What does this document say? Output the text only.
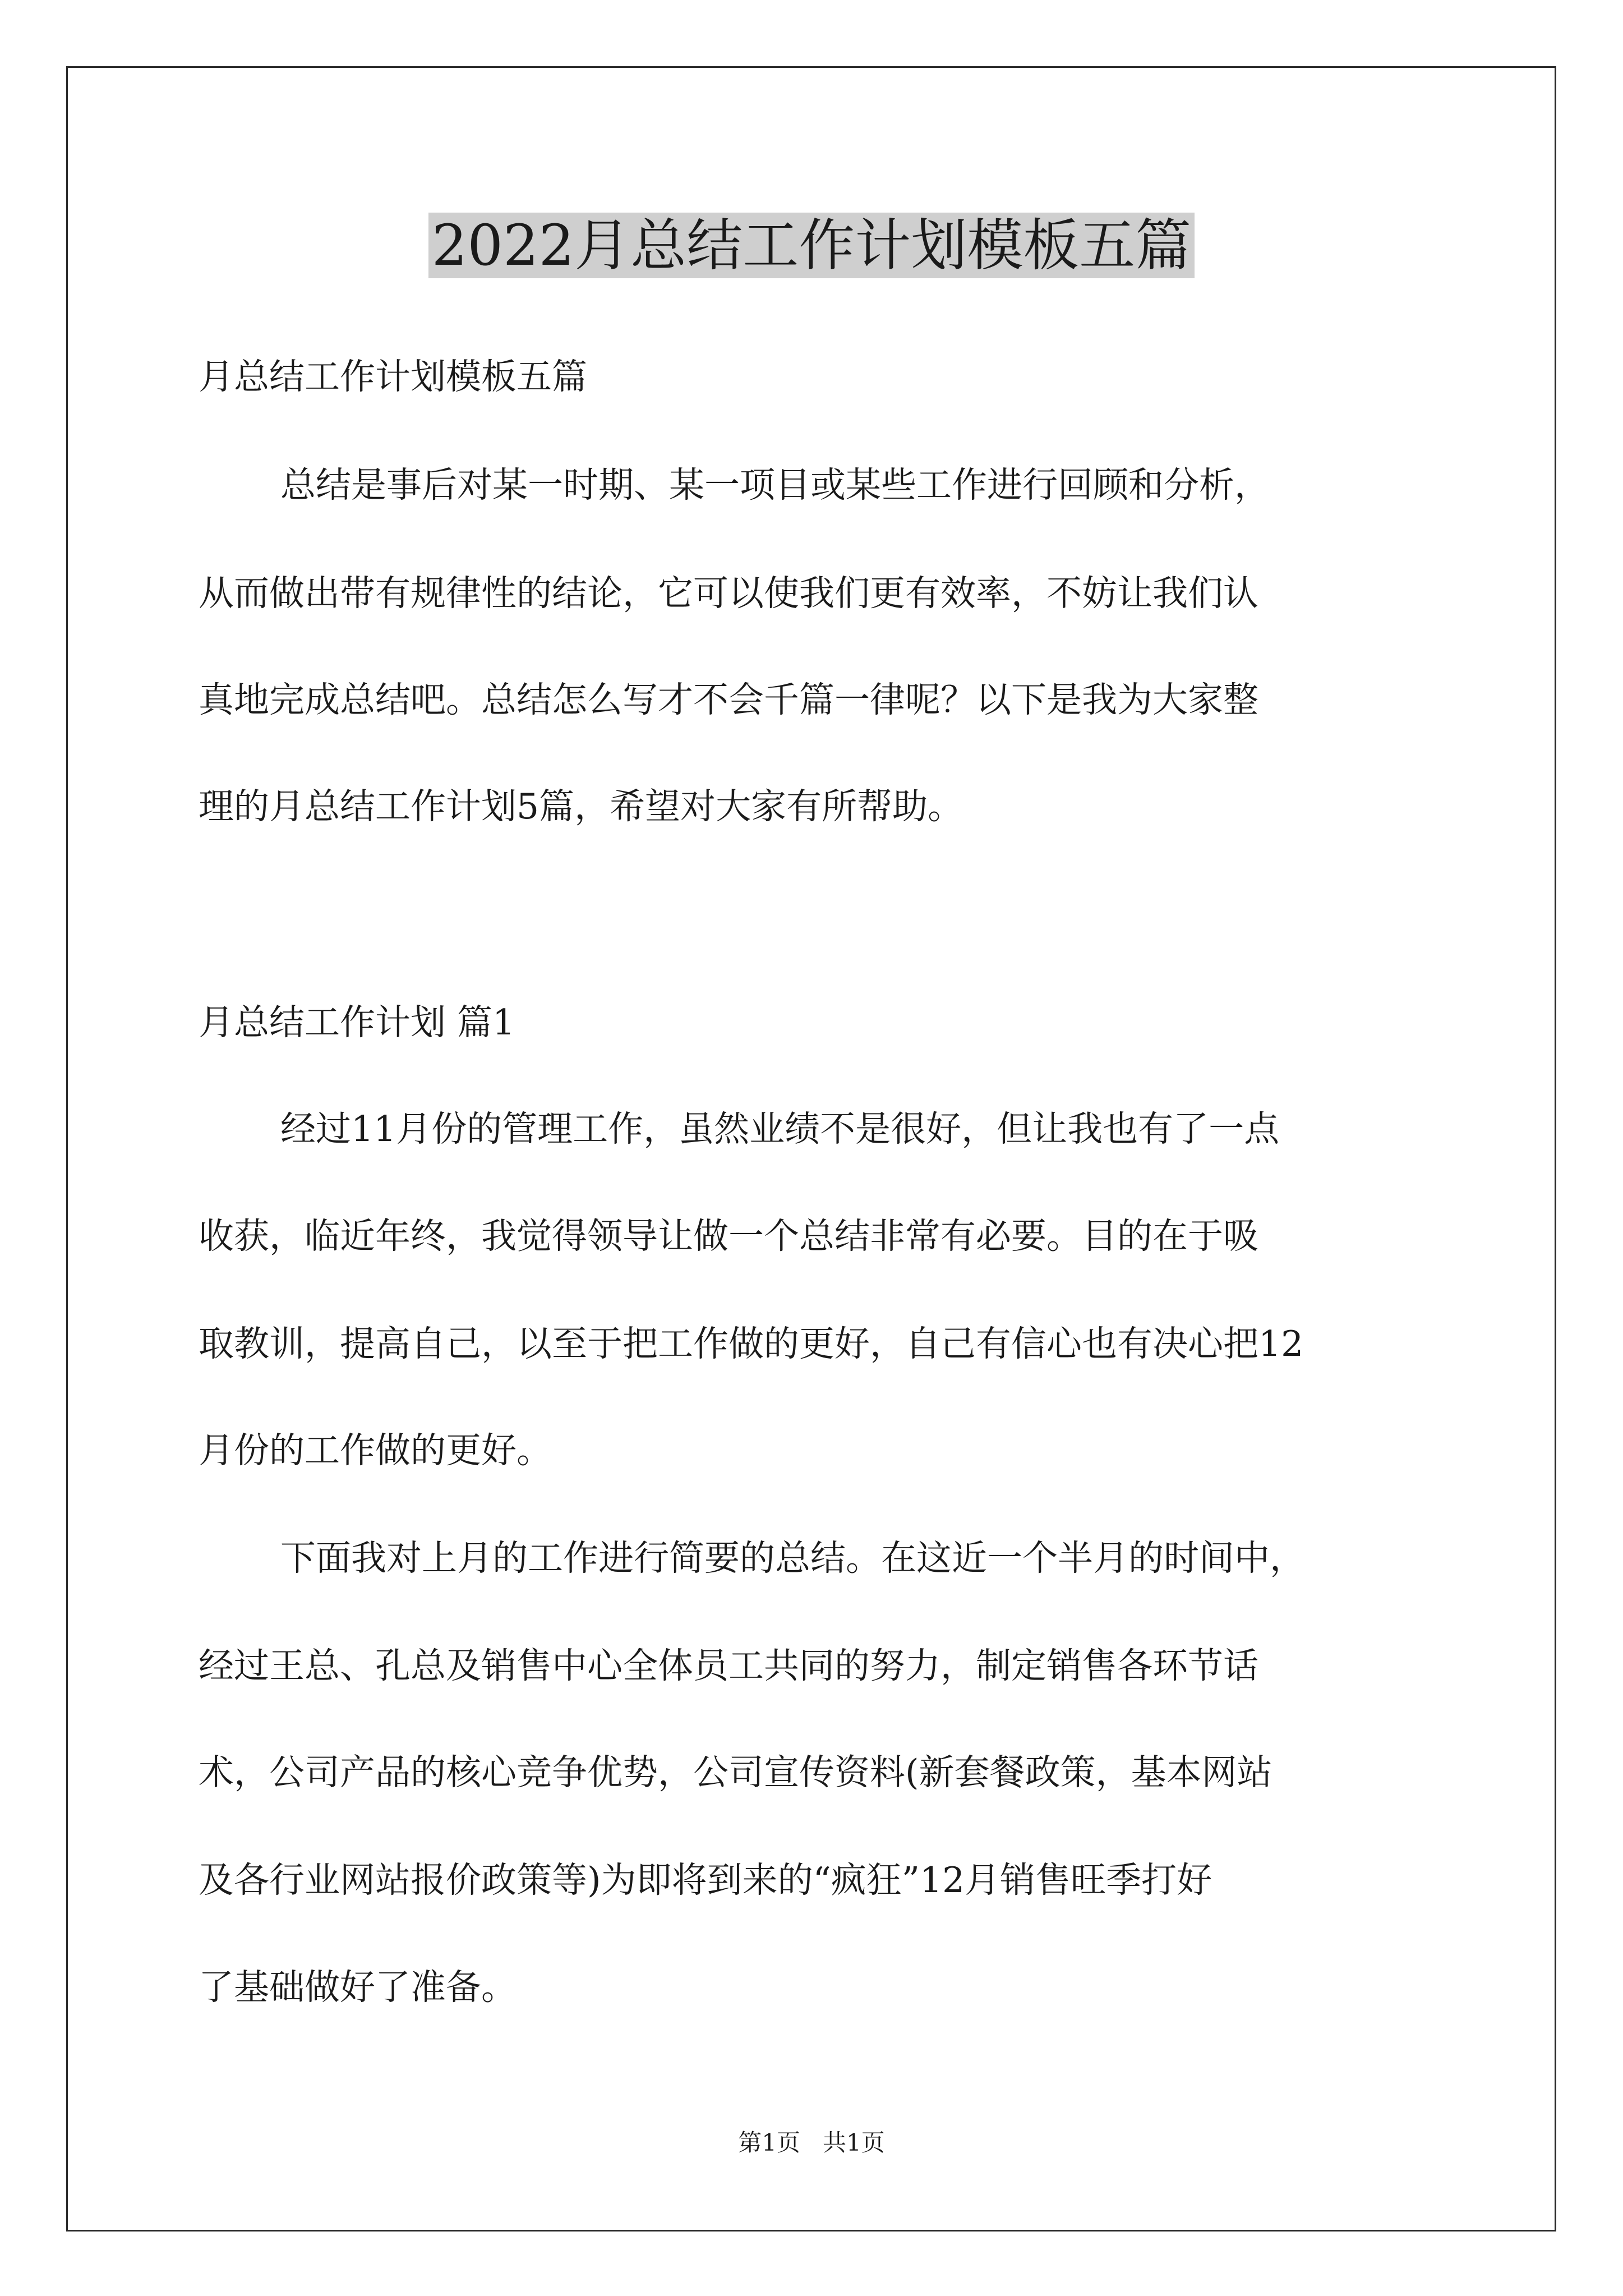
2022月总结工作计划模板五篇
月总结工作计划模板五篇
总结是事后对某一时期、某一项目或某些工作进行回顾和分析，
从而做出带有规律性的结论，它可以使我们更有效率，不妨让我们认
真地完成总结吧。总结怎么写才不会千篇一律呢？以下是我为大家整
理的月总结工作计划5篇，希望对大家有所帮助。
月总结工作计划 篇1
经过11月份的管理工作，虽然业绩不是很好，但让我也有了一点
收获，临近年终，我觉得领导让做一个总结非常有必要。目的在于吸
取教训，提高自己，以至于把工作做的更好，自己有信心也有决心把12
月份的工作做的更好。
下面我对上月的工作进行简要的总结。在这近一个半月的时间中，
经过王总、孔总及销售中心全体员工共同的努力，制定销售各环节话
术，公司产品的核心竞争优势，公司宣传资料(新套餐政策，基本网站
及各行业网站报价政策等)为即将到来的“疯狂”12月销售旺季打好
了基础做好了准备。
第1页 共1页
